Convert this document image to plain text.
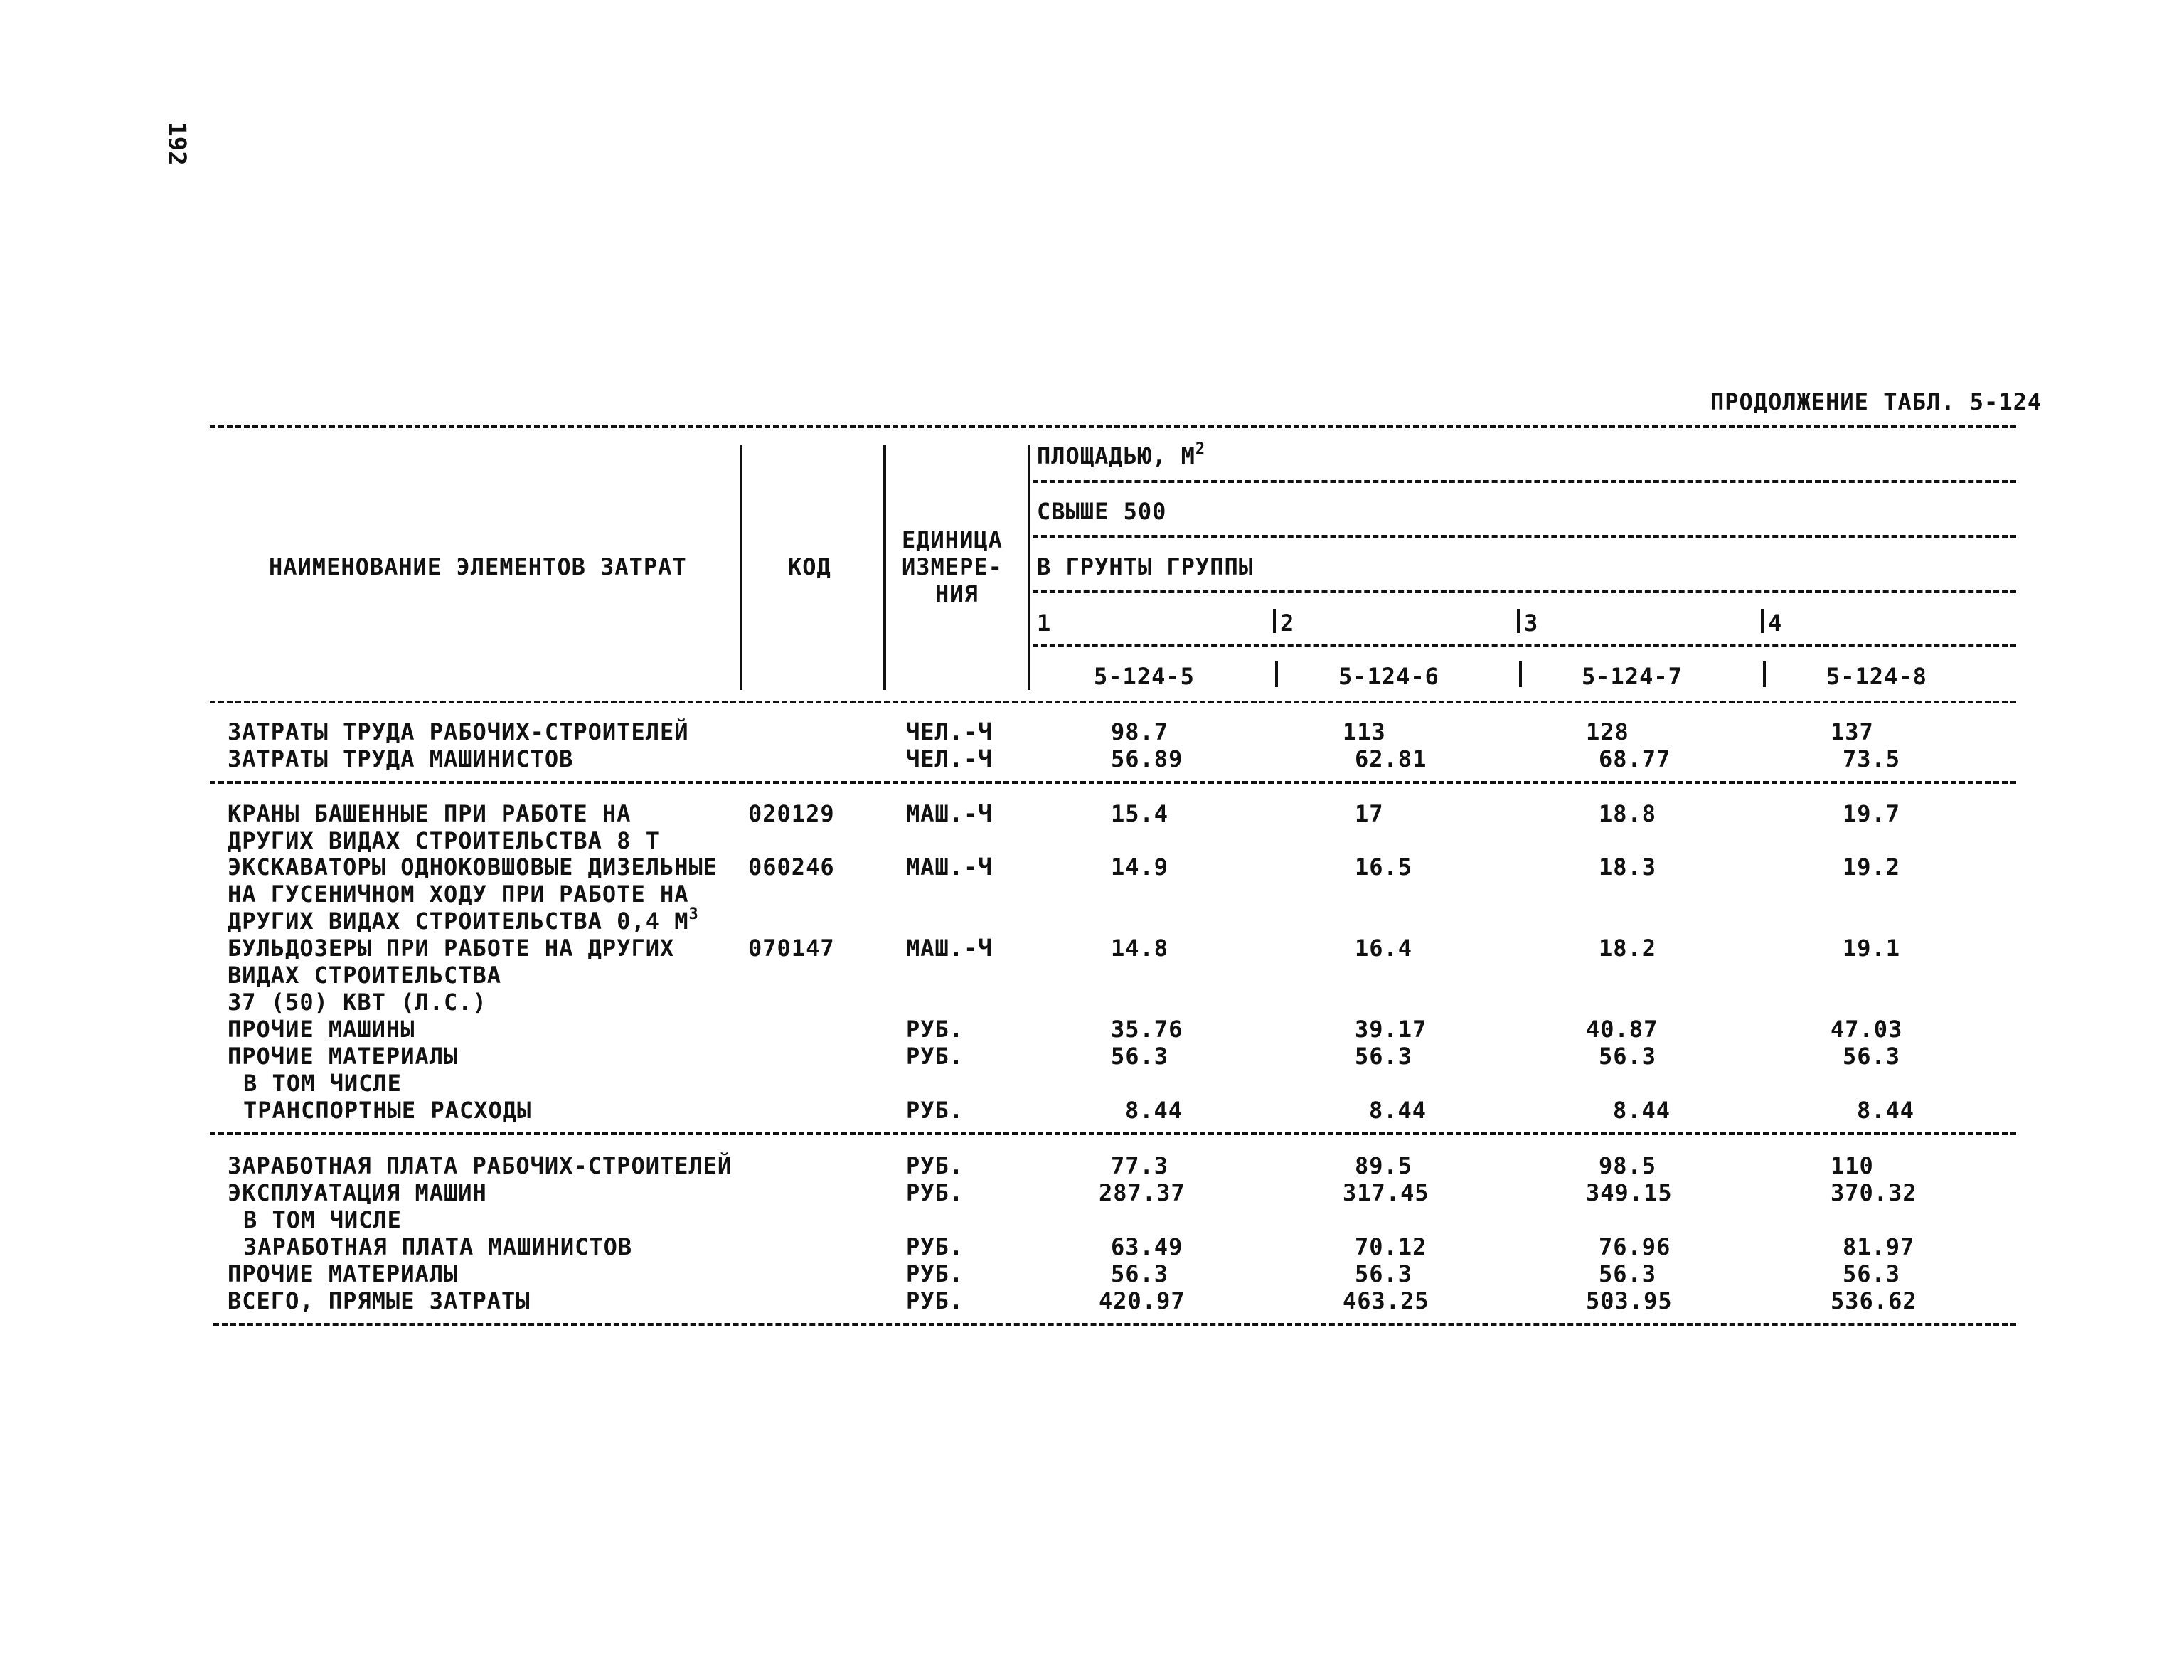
192
ПРОДОЛЖЕНИЕ ТАБЛ. 5-124
НАИМЕНОВАНИЕ ЭЛЕМЕНТОВ ЗАТРАТ	КОД
ЕДИНИЦА
ИЗМЕРЕ-
НИЯ
ПЛОЩАДЬЮ, $М^2$
СВЫШЕ 500
В ГРУНТЫ ГРУППЫ
1	2	3	4
5-124-5	5-124-6	5-124-7	5-124-8
ЗАТРАТЫ ТРУДА РАБОЧИХ-СТРОИТЕЛЕЙ	ЧЕЛ.-Ч	98.7	113	128	137
ЗАТРАТЫ ТРУДА МАШИНИСТОВ	ЧЕЛ.-Ч	56.89	62.81	68.77	73.5
КРАНЫ БАШЕННЫЕ ПРИ РАБОТЕ НА
ДРУГИХ ВИДАХ СТРОИТЕЛЬСТВА 8 Т
020129	МАШ.-Ч	15.4	17	18.8	19.7
ЭКСКАВАТОРЫ ОДНОКОВШОВЫЕ ДИЗЕЛЬНЫЕ
НА ГУСЕНИЧНОМ ХОДУ ПРИ РАБОТЕ НА
ДРУГИХ ВИДАХ СТРОИТЕЛЬСТВА 0,4 $М^3$
060246	МАШ.-Ч	14.9	16.5	18.3	19.2
БУЛЬДОЗЕРЫ ПРИ РАБОТЕ НА ДРУГИХ
ВИДАХ СТРОИТЕЛЬСТВА
37 (50) КВТ (Л.С.)
070147	МАШ.-Ч	14.8	16.4	18.2	19.1
ПРОЧИЕ МАШИНЫ	РУБ.	35.76	39.17	40.87	47.03
ПРОЧИЕ МАТЕРИАЛЫ	РУБ.	56.3	56.3	56.3	56.3
В ТОМ ЧИСЛЕ
ТРАНСПОРТНЫЕ РАСХОДЫ	РУБ.	8.44	8.44	8.44	8.44
ЗАРАБОТНАЯ ПЛАТА РАБОЧИХ-СТРОИТЕЛЕЙ	РУБ.	77.3	89.5	98.5	110
ЭКСПЛУАТАЦИЯ МАШИН	РУБ.	287.37	317.45	349.15	370.32
В ТОМ ЧИСЛЕ
ЗАРАБОТНАЯ ПЛАТА МАШИНИСТОВ	РУБ.	63.49	70.12	76.96	81.97
ПРОЧИЕ МАТЕРИАЛЫ	РУБ.	56.3	56.3	56.3	56.3
ВСЕГО, ПРЯМЫЕ ЗАТРАТЫ	РУБ.	420.97	463.25	503.95	536.62
